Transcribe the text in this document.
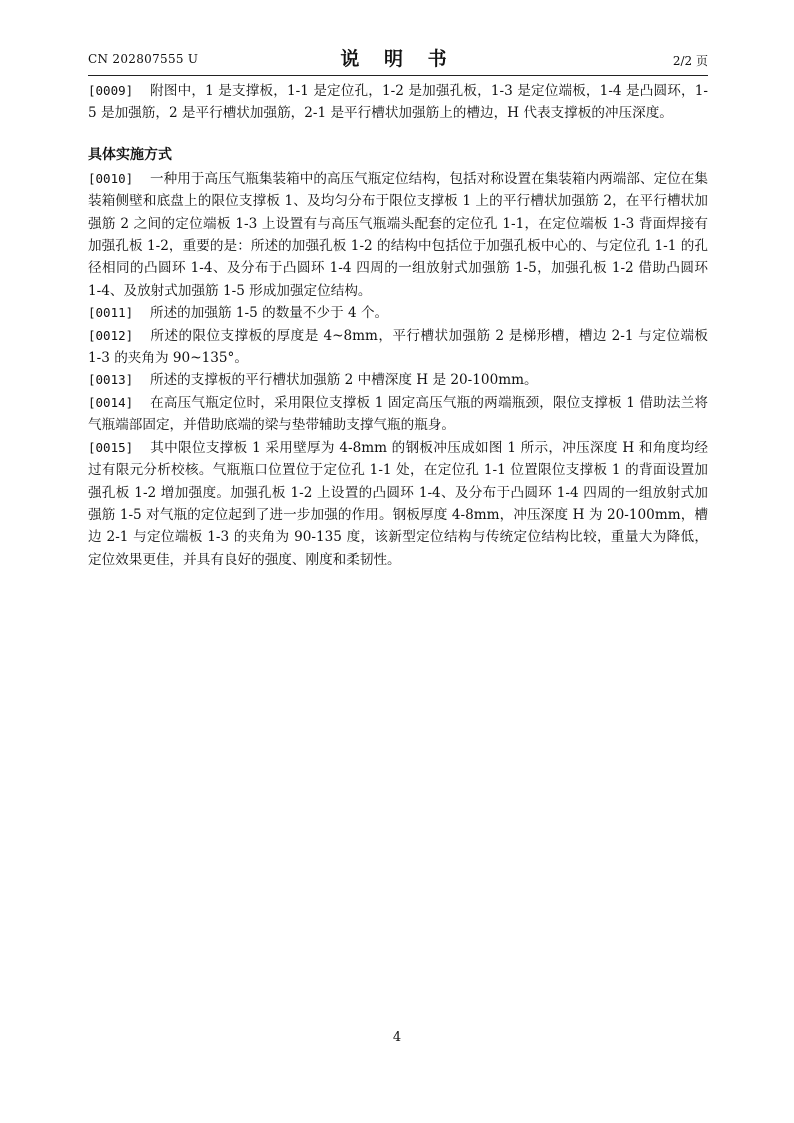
CN 202807555 U	说 明 书	2/2 页

[0009] 附图中，1 是支撑板，1-1 是定位孔，1-2 是加强孔板，1-3 是定位端板，1-4 是凸圆环，1-5 是加强筋，2 是平行槽状加强筋，2-1 是平行槽状加强筋上的槽边，H 代表支撑板的冲压深度。

具体实施方式

[0010] 一种用于高压气瓶集装箱中的高压气瓶定位结构，包括对称设置在集装箱内两端部、定位在集装箱侧壁和底盘上的限位支撑板 1、及均匀分布于限位支撑板 1 上的平行槽状加强筋 2，在平行槽状加强筋 2 之间的定位端板 1-3 上设置有与高压气瓶端头配套的定位孔 1-1，在定位端板 1-3 背面焊接有加强孔板 1-2，重要的是：所述的加强孔板 1-2 的结构中包括位于加强孔板中心的、与定位孔 1-1 的孔径相同的凸圆环 1-4、及分布于凸圆环 1-4 四周的一组放射式加强筋 1-5，加强孔板 1-2 借助凸圆环 1-4、及放射式加强筋 1-5 形成加强定位结构。

[0011] 所述的加强筋 1-5 的数量不少于 4 个。

[0012] 所述的限位支撑板的厚度是 4~8mm，平行槽状加强筋 2 是梯形槽，槽边 2-1 与定位端板 1-3 的夹角为 90~135°。

[0013] 所述的支撑板的平行槽状加强筋 2 中槽深度 H 是 20-100mm。

[0014] 在高压气瓶定位时，采用限位支撑板 1 固定高压气瓶的两端瓶颈，限位支撑板 1 借助法兰将气瓶端部固定，并借助底端的梁与垫带辅助支撑气瓶的瓶身。

[0015] 其中限位支撑板 1 采用壁厚为 4-8mm 的钢板冲压成如图 1 所示，冲压深度 H 和角度均经过有限元分析校核。气瓶瓶口位置位于定位孔 1-1 处，在定位孔 1-1 位置限位支撑板 1 的背面设置加强孔板 1-2 增加强度。加强孔板 1-2 上设置的凸圆环 1-4、及分布于凸圆环 1-4 四周的一组放射式加强筋 1-5 对气瓶的定位起到了进一步加强的作用。钢板厚度 4-8mm，冲压深度 H 为 20-100mm，槽边 2-1 与定位端板 1-3 的夹角为 90-135 度，该新型定位结构与传统定位结构比较，重量大为降低，定位效果更佳，并具有良好的强度、刚度和柔韧性。

4
